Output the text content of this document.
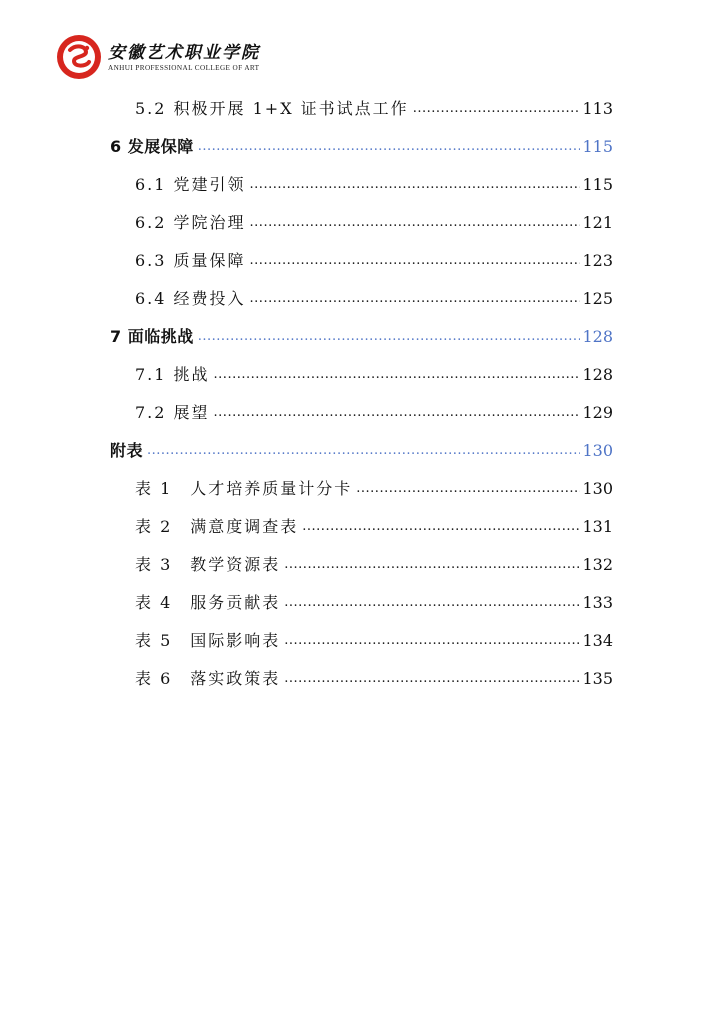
安徽艺术职业学院
ANHUI PROFESSIONAL COLLEGE OF ART
5.2 积极开展 1+X 证书试点工作 .....	113
6 发展保障 .....	115
6.1 党建引领 .....	115
6.2 学院治理 .....	121
6.3 质量保障 .....	123
6.4 经费投入 .....	125
7 面临挑战 .....	128
7.1 挑战 .....	128
7.2 展望 .....	129
附表 .....	130
表 1　人才培养质量计分卡 .....	130
表 2　满意度调查表 .....	131
表 3　教学资源表 .....	132
表 4　服务贡献表 .....	133
表 5　国际影响表 .....	134
表 6　落实政策表 .....	135
